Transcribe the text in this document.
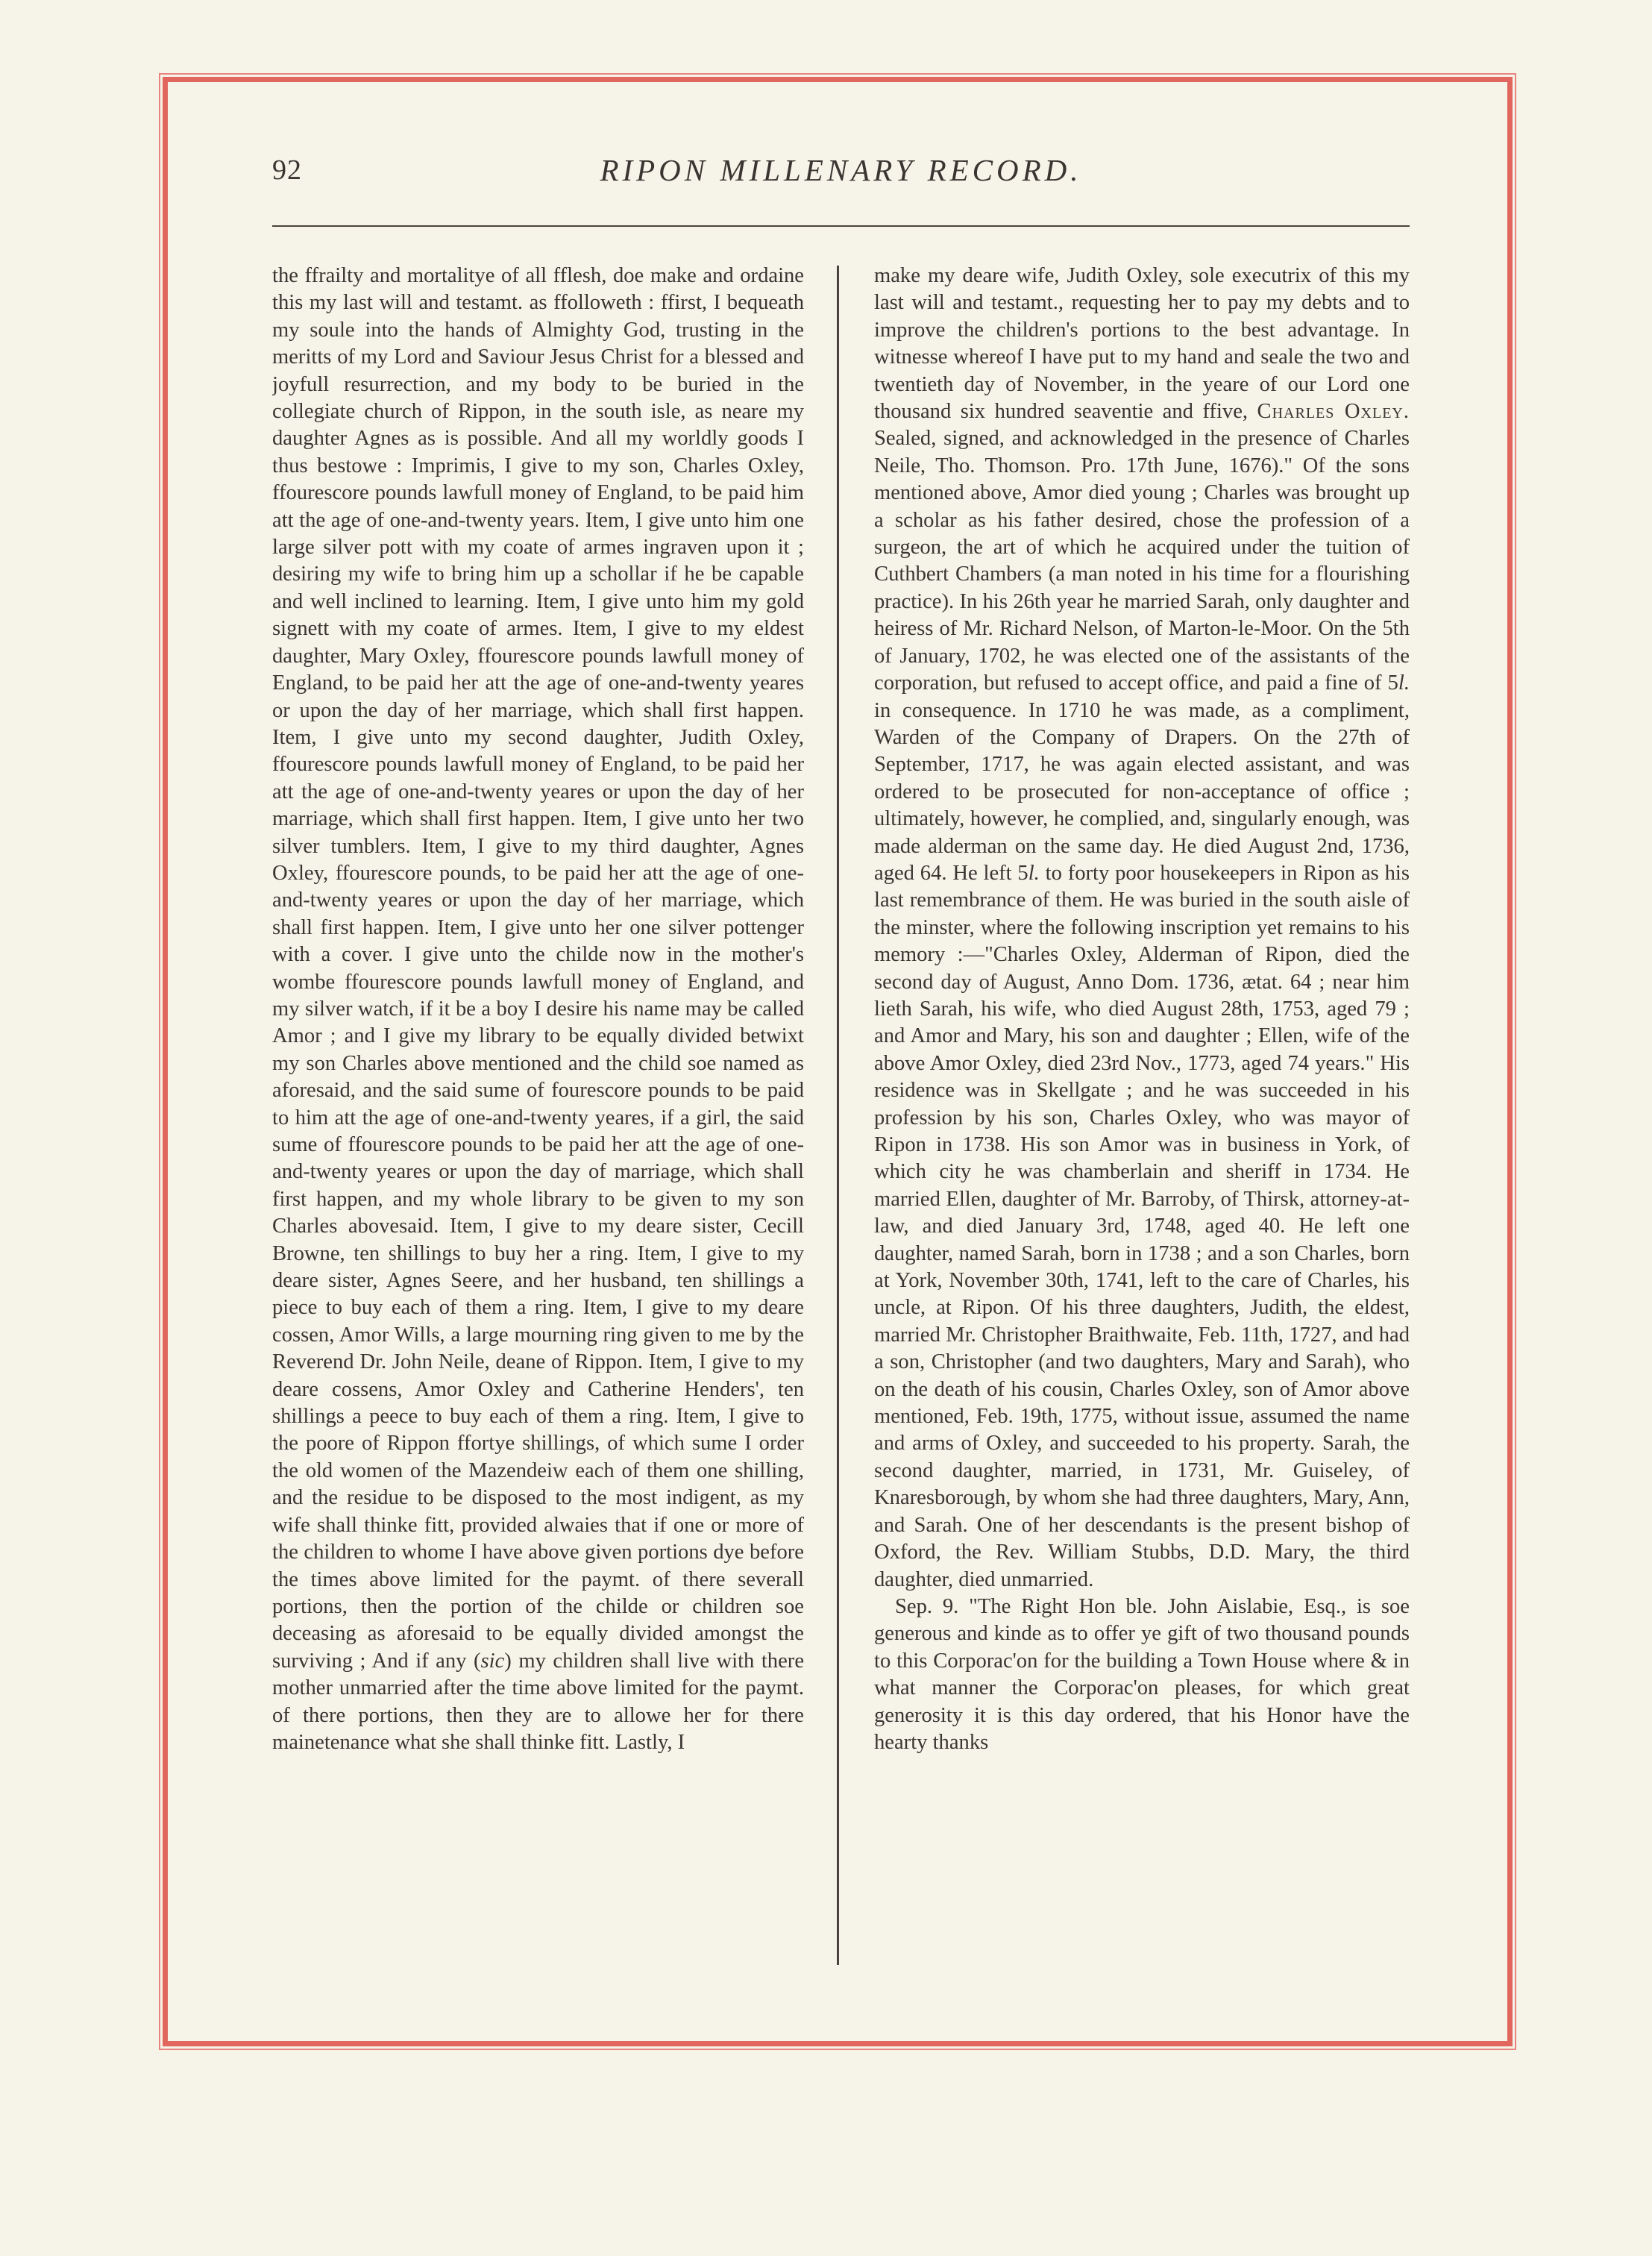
92	RIPON MILLENARY RECORD.

the ffrailty and mortalitye of all fflesh, doe make and ordaine this my last will and testamt. as ffolloweth : ffirst, I bequeath my soule into the hands of Almighty God, trusting in the meritts of my Lord and Saviour Jesus Christ for a blessed and joyfull resurrection, and my body to be buried in the collegiate church of Rippon, in the south isle, as neare my daughter Agnes as is possible. And all my worldly goods I thus bestowe : Imprimis, I give to my son, Charles Oxley, ffourescore pounds lawfull money of England, to be paid him att the age of one-and-twenty years. Item, I give unto him one large silver pott with my coate of armes ingraven upon it ; desiring my wife to bring him up a schollar if he be capable and well inclined to learning. Item, I give unto him my gold signett with my coate of armes. Item, I give to my eldest daughter, Mary Oxley, ffourescore pounds lawfull money of England, to be paid her att the age of one-and-twenty yeares or upon the day of her marriage, which shall first happen. Item, I give unto my second daughter, Judith Oxley, ffourescore pounds lawfull money of England, to be paid her att the age of one-and-twenty yeares or upon the day of her marriage, which shall first happen. Item, I give unto her two silver tumblers. Item, I give to my third daughter, Agnes Oxley, ffourescore pounds, to be paid her att the age of one-and-twenty yeares or upon the day of her marriage, which shall first happen. Item, I give unto her one silver pottenger with a cover. I give unto the childe now in the mother's wombe ffourescore pounds lawfull money of England, and my silver watch, if it be a boy I desire his name may be called Amor ; and I give my library to be equally divided betwixt my son Charles above mentioned and the child soe named as aforesaid, and the said sume of fourescore pounds to be paid to him att the age of one-and-twenty yeares, if a girl, the said sume of ffourescore pounds to be paid her att the age of one-and-twenty yeares or upon the day of marriage, which shall first happen, and my whole library to be given to my son Charles abovesaid. Item, I give to my deare sister, Cecill Browne, ten shillings to buy her a ring. Item, I give to my deare sister, Agnes Seere, and her husband, ten shillings a piece to buy each of them a ring. Item, I give to my deare cossen, Amor Wills, a large mourning ring given to me by the Reverend Dr. John Neile, deane of Rippon. Item, I give to my deare cossens, Amor Oxley and Catherine Henders', ten shillings a peece to buy each of them a ring. Item, I give to the poore of Rippon ffortye shillings, of which sume I order the old women of the Mazendeiw each of them one shilling, and the residue to be disposed to the most indigent, as my wife shall thinke fitt, provided alwaies that if one or more of the children to whome I have above given portions dye before the times above limited for the paymt. of there severall portions, then the portion of the childe or children soe deceasing as aforesaid to be equally divided amongst the surviving ; And if any (sic) my children shall live with there mother unmarried after the time above limited for the paymt. of there portions, then they are to allowe her for there mainetenance what she shall thinke fitt. Lastly, I

make my deare wife, Judith Oxley, sole executrix of this my last will and testamt., requesting her to pay my debts and to improve the children's portions to the best advantage. In witnesse whereof I have put to my hand and seale the two and twentieth day of November, in the yeare of our Lord one thousand six hundred seaventie and ffive, Charles Oxley. Sealed, signed, and acknowledged in the presence of Charles Neile, Tho. Thomson. Pro. 17th June, 1676)." Of the sons mentioned above, Amor died young ; Charles was brought up a scholar as his father desired, chose the profession of a surgeon, the art of which he acquired under the tuition of Cuthbert Chambers (a man noted in his time for a flourishing practice). In his 26th year he married Sarah, only daughter and heiress of Mr. Richard Nelson, of Marton-le-Moor. On the 5th of January, 1702, he was elected one of the assistants of the corporation, but refused to accept office, and paid a fine of 5l. in consequence. In 1710 he was made, as a compliment, Warden of the Company of Drapers. On the 27th of September, 1717, he was again elected assistant, and was ordered to be prosecuted for non-acceptance of office ; ultimately, however, he complied, and, singularly enough, was made alderman on the same day. He died August 2nd, 1736, aged 64. He left 5l. to forty poor housekeepers in Ripon as his last remembrance of them. He was buried in the south aisle of the minster, where the following inscription yet remains to his memory :—"Charles Oxley, Alderman of Ripon, died the second day of August, Anno Dom. 1736, ætat. 64 ; near him lieth Sarah, his wife, who died August 28th, 1753, aged 79 ; and Amor and Mary, his son and daughter ; Ellen, wife of the above Amor Oxley, died 23rd Nov., 1773, aged 74 years." His residence was in Skellgate ; and he was succeeded in his profession by his son, Charles Oxley, who was mayor of Ripon in 1738. His son Amor was in business in York, of which city he was chamberlain and sheriff in 1734. He married Ellen, daughter of Mr. Barroby, of Thirsk, attorney-at-law, and died January 3rd, 1748, aged 40. He left one daughter, named Sarah, born in 1738 ; and a son Charles, born at York, November 30th, 1741, left to the care of Charles, his uncle, at Ripon. Of his three daughters, Judith, the eldest, married Mr. Christopher Braithwaite, Feb. 11th, 1727, and had a son, Christopher (and two daughters, Mary and Sarah), who on the death of his cousin, Charles Oxley, son of Amor above mentioned, Feb. 19th, 1775, without issue, assumed the name and arms of Oxley, and succeeded to his property. Sarah, the second daughter, married, in 1731, Mr. Guiseley, of Knaresborough, by whom she had three daughters, Mary, Ann, and Sarah. One of her descendants is the present bishop of Oxford, the Rev. William Stubbs, D.D. Mary, the third daughter, died unmarried.

Sep. 9. "The Right Hon ble. John Aislabie, Esq., is soe generous and kinde as to offer ye gift of two thousand pounds to this Corporac'on for the building a Town House where & in what manner the Corporac'on pleases, for which great generosity it is this day ordered, that his Honor have the hearty thanks
